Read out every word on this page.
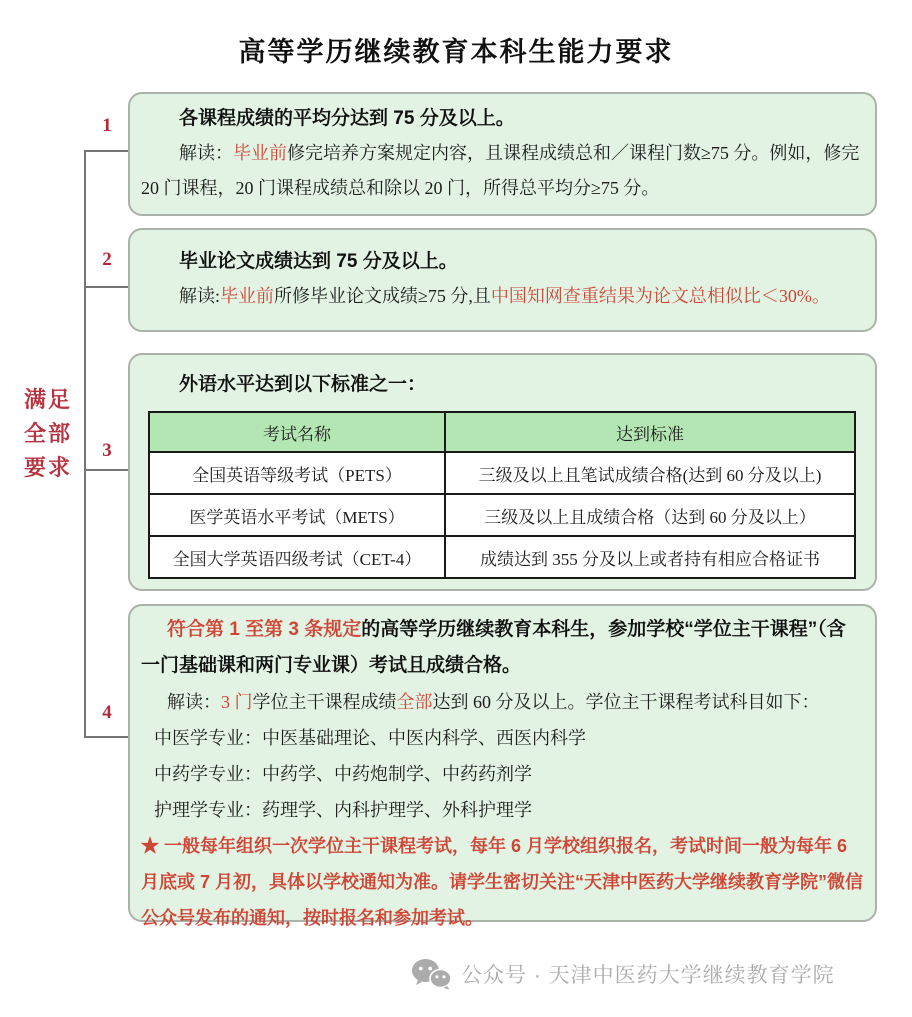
高等学历继续教育本科生能力要求
满足
全部
要求
1
2
3
4

各课程成绩的平均分达到 75 分及以上。

解读：毕业前修完培养方案规定内容，且课程成绩总和／课程门数≥75 分。例如，修完 20 门课程，20 门课程成绩总和除以 20 门，所得总平均分≥75 分。

毕业论文成绩达到 75 分及以上。

解读:毕业前所修毕业论文成绩≥75 分,且中国知网查重结果为论文总相似比＜30%。

外语水平达到以下标准之一：

考试名称	达到标准
全国英语等级考试（PETS）	三级及以上且笔试成绩合格(达到 60 分及以上)
医学英语水平考试（METS）	三级及以上且成绩合格（达到 60 分及以上）
全国大学英语四级考试（CET-4）	成绩达到 355 分及以上或者持有相应合格证书

符合第 1 至第 3 条规定的高等学历继续教育本科生，参加学校“学位主干课程”（含一门基础课和两门专业课）考试且成绩合格。

解读：3 门学位主干课程成绩全部达到 60 分及以上。学位主干课程考试科目如下：

中医学专业：中医基础理论、中医内科学、西医内科学

中药学专业：中药学、中药炮制学、中药药剂学

护理学专业：药理学、内科护理学、外科护理学

★ 一般每年组织一次学位主干课程考试，每年 6 月学校组织报名，考试时间一般为每年 6 月底或 7 月初，具体以学校通知为准。请学生密切关注“天津中医药大学继续教育学院”微信公众号发布的通知，按时报名和参加考试。

公众号 · 天津中医药大学继续教育学院
